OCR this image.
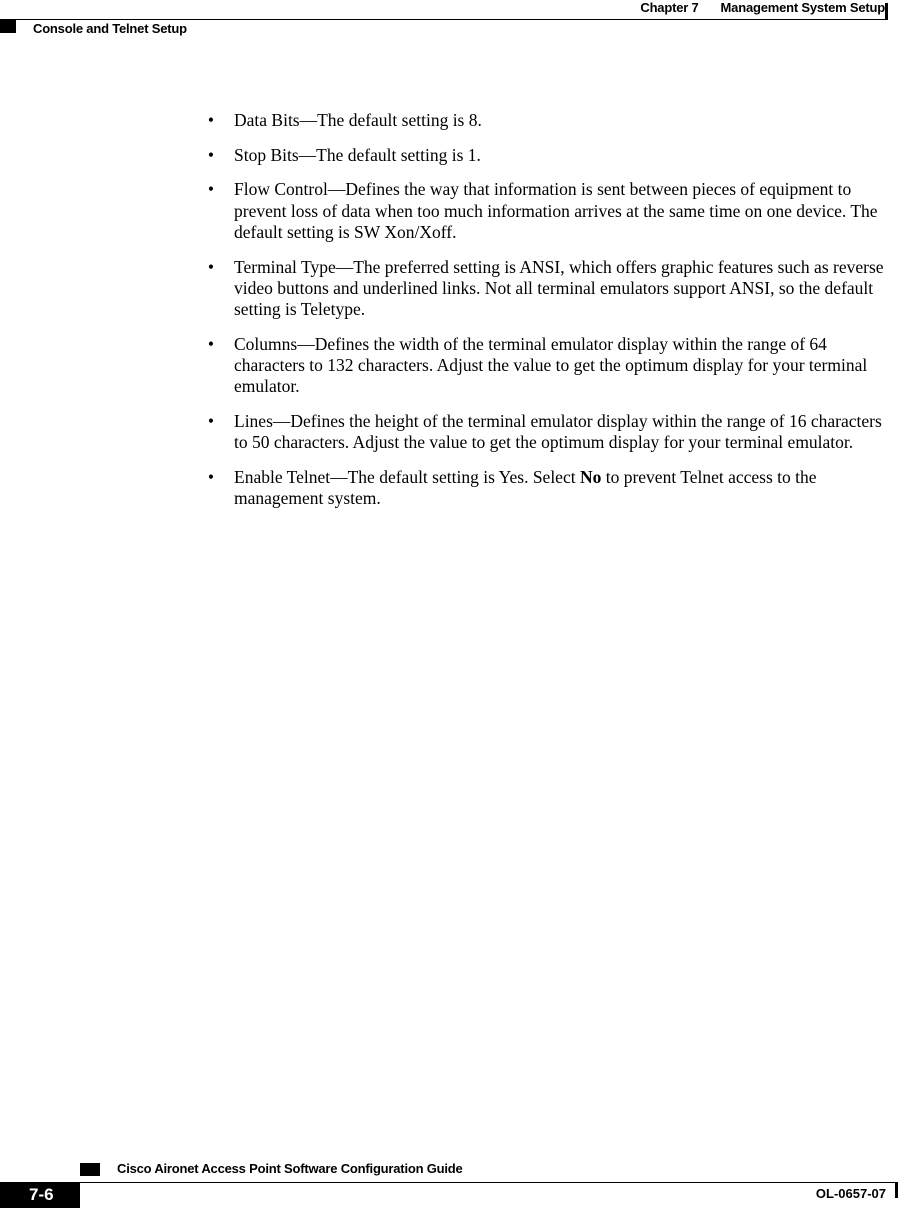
Chapter 7 Management System Setup
Console and Telnet Setup
• Data Bits—The default setting is 8.
• Stop Bits—The default setting is 1.
• Flow Control—Defines the way that information is sent between pieces of equipment to prevent loss of data when too much information arrives at the same time on one device. The default setting is SW Xon/Xoff.
• Terminal Type—The preferred setting is ANSI, which offers graphic features such as reverse video buttons and underlined links. Not all terminal emulators support ANSI, so the default setting is Teletype.
• Columns—Defines the width of the terminal emulator display within the range of 64 characters to 132 characters. Adjust the value to get the optimum display for your terminal emulator.
• Lines—Defines the height of the terminal emulator display within the range of 16 characters to 50 characters. Adjust the value to get the optimum display for your terminal emulator.
• Enable Telnet—The default setting is Yes. Select No to prevent Telnet access to the management system.
Cisco Aironet Access Point Software Configuration Guide
7-6	OL-0657-07
